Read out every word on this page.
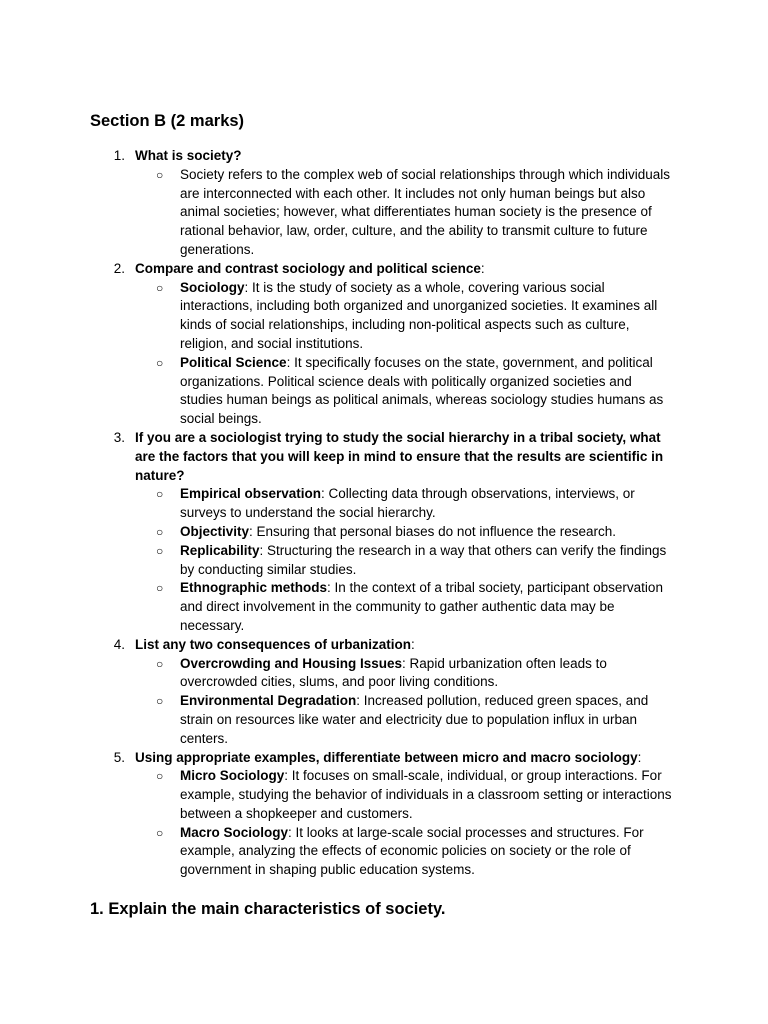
Section B (2 marks)
1. What is society?
○
Society refers to the complex web of social relationships through which individuals are interconnected with each other. It includes not only human beings but also animal societies; however, what differentiates human society is the presence of rational behavior, law, order, culture, and the ability to transmit culture to future generations.
2. Compare and contrast sociology and political science:
○
Sociology: It is the study of society as a whole, covering various social interactions, including both organized and unorganized societies. It examines all kinds of social relationships, including non-political aspects such as culture, religion, and social institutions.
○
Political Science: It specifically focuses on the state, government, and political organizations. Political science deals with politically organized societies and studies human beings as political animals, whereas sociology studies humans as social beings.
3. If you are a sociologist trying to study the social hierarchy in a tribal society, what are the factors that you will keep in mind to ensure that the results are scientific in nature?
○
Empirical observation: Collecting data through observations, interviews, or surveys to understand the social hierarchy.
○
Objectivity: Ensuring that personal biases do not influence the research.
○
Replicability: Structuring the research in a way that others can verify the findings by conducting similar studies.
○
Ethnographic methods: In the context of a tribal society, participant observation and direct involvement in the community to gather authentic data may be necessary.
4. List any two consequences of urbanization:
○
Overcrowding and Housing Issues: Rapid urbanization often leads to overcrowded cities, slums, and poor living conditions.
○
Environmental Degradation: Increased pollution, reduced green spaces, and strain on resources like water and electricity due to population influx in urban centers.
5. Using appropriate examples, differentiate between micro and macro sociology:
○
Micro Sociology: It focuses on small-scale, individual, or group interactions. For example, studying the behavior of individuals in a classroom setting or interactions between a shopkeeper and customers.
○
Macro Sociology: It looks at large-scale social processes and structures. For example, analyzing the effects of economic policies on society or the role of government in shaping public education systems.
1. Explain the main characteristics of society.
